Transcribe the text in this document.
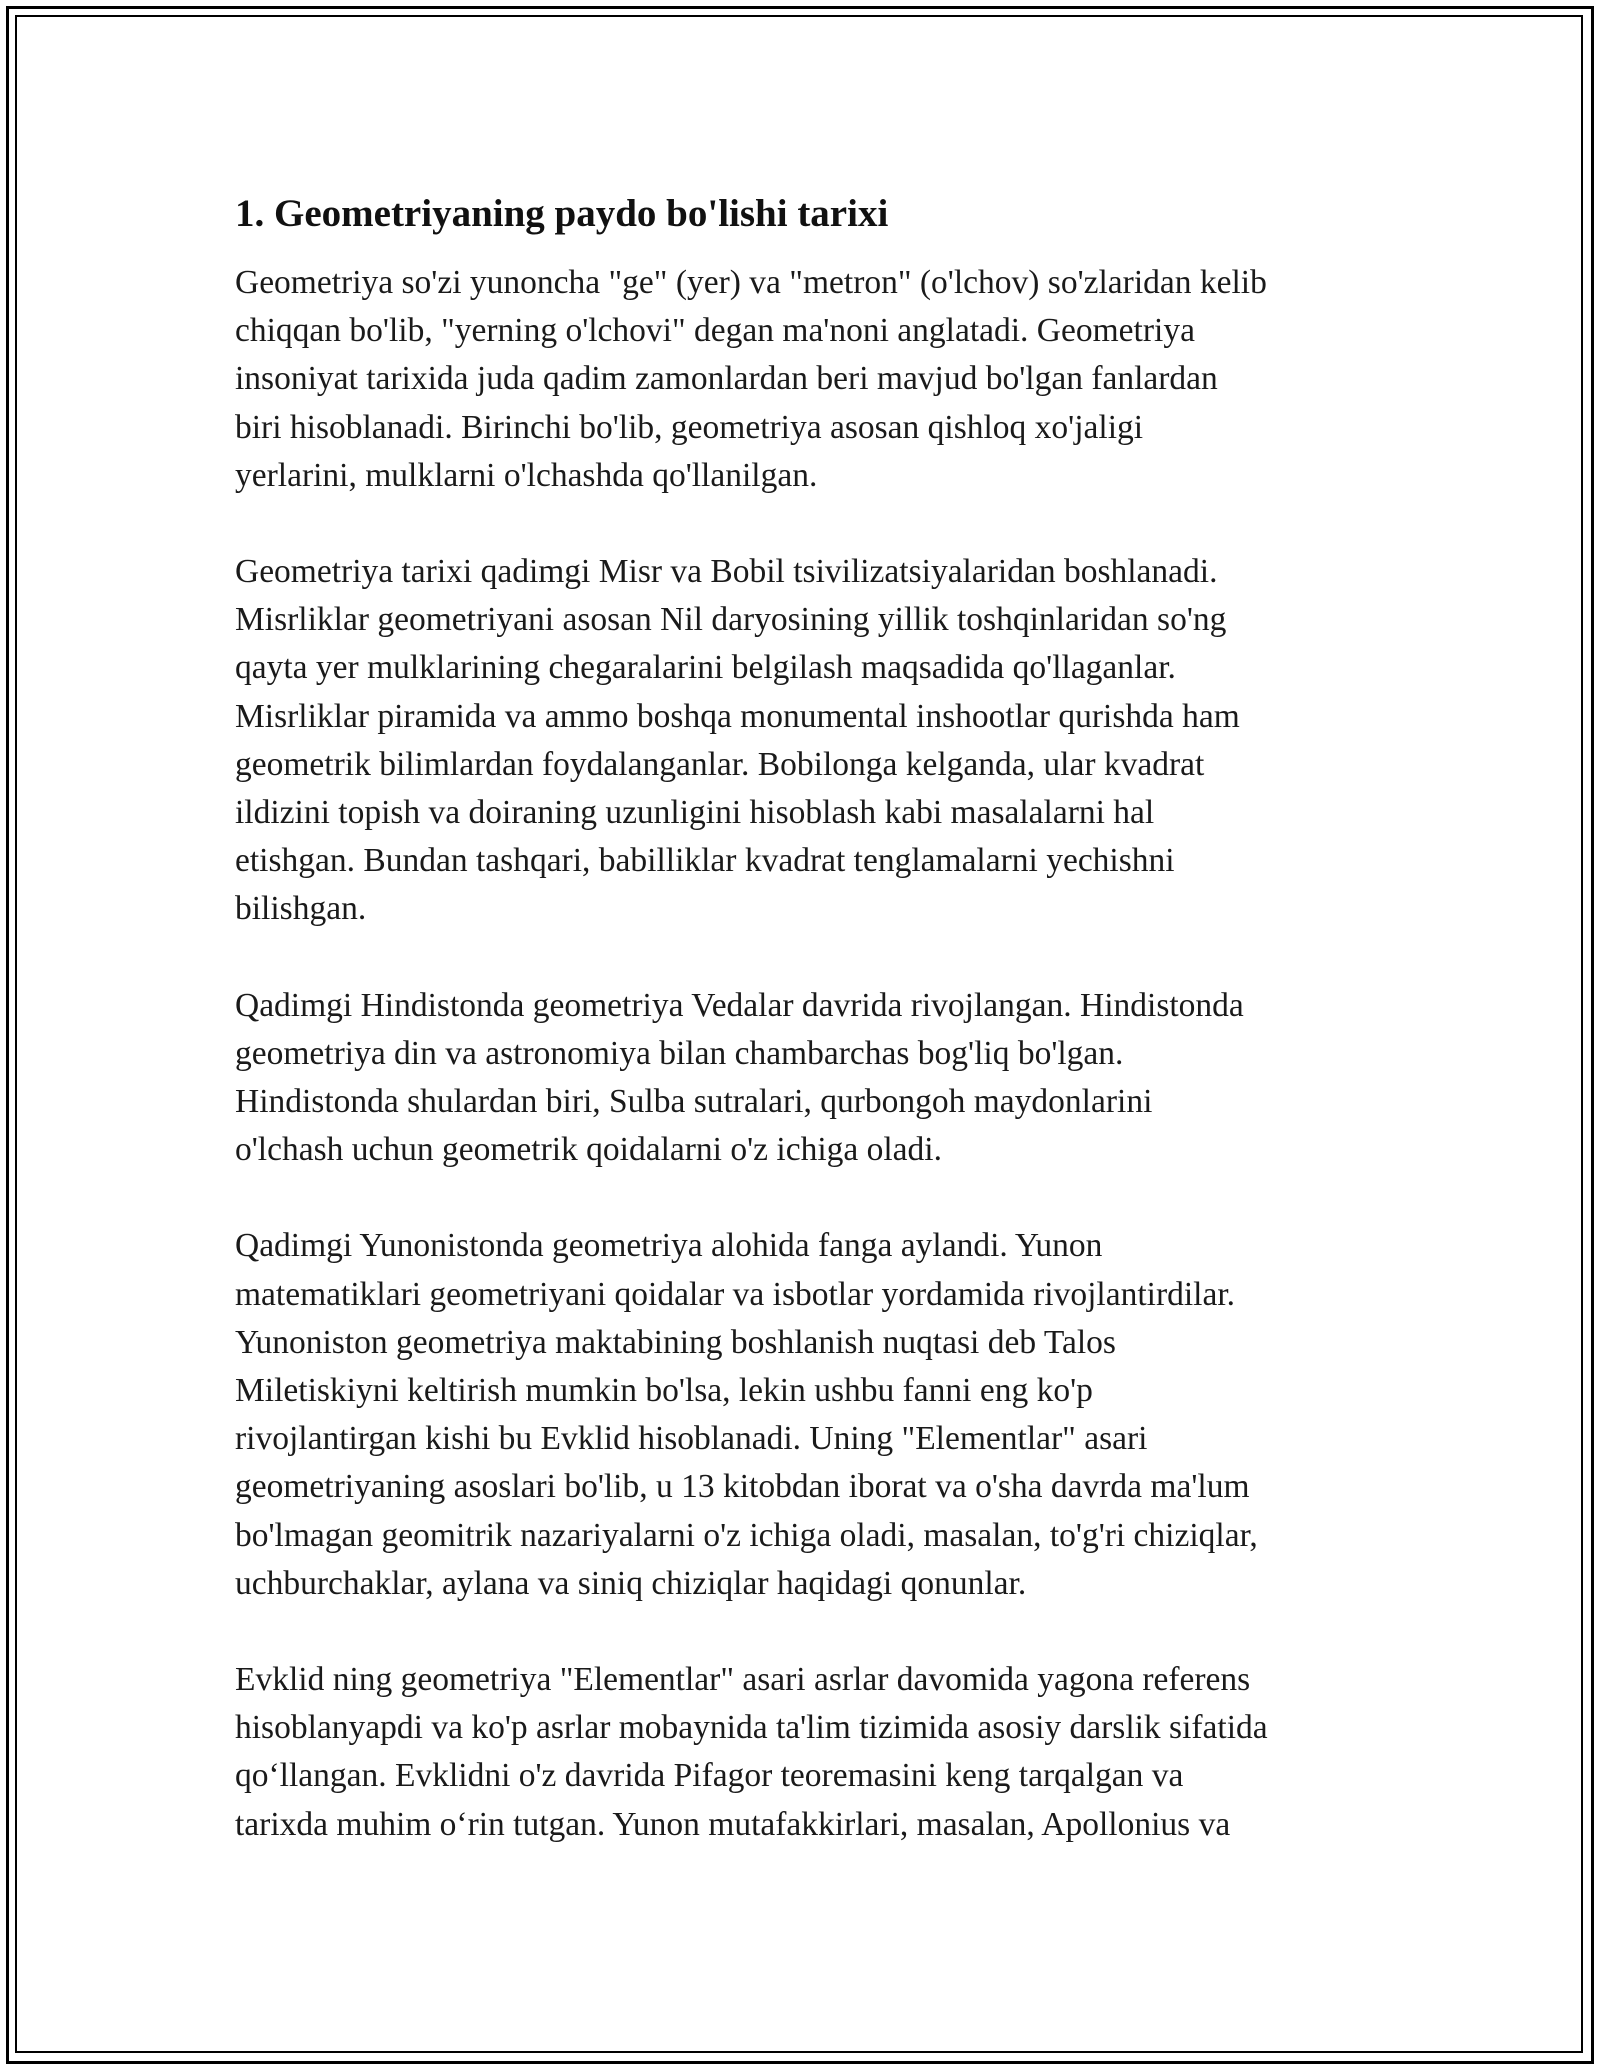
1. Geometriyaning paydo bo'lishi tarixi

Geometriya so'zi yunoncha "ge" (yer) va "metron" (o'lchov) so'zlaridan kelib
chiqqan bo'lib, "yerning o'lchovi" degan ma'noni anglatadi. Geometriya
insoniyat tarixida juda qadim zamonlardan beri mavjud bo'lgan fanlardan
biri hisoblanadi. Birinchi bo'lib, geometriya asosan qishloq xo'jaligi
yerlarini, mulklarni o'lchashda qo'llanilgan.

Geometriya tarixi qadimgi Misr va Bobil tsivilizatsiyalaridan boshlanadi.
Misrliklar geometriyani asosan Nil daryosining yillik toshqinlaridan so'ng
qayta yer mulklarining chegaralarini belgilash maqsadida qo'llaganlar.
Misrliklar piramida va ammo boshqa monumental inshootlar qurishda ham
geometrik bilimlardan foydalanganlar. Bobilonga kelganda, ular kvadrat
ildizini topish va doiraning uzunligini hisoblash kabi masalalarni hal
etishgan. Bundan tashqari, babilliklar kvadrat tenglamalarni yechishni
bilishgan.

Qadimgi Hindistonda geometriya Vedalar davrida rivojlangan. Hindistonda
geometriya din va astronomiya bilan chambarchas bog'liq bo'lgan.
Hindistonda shulardan biri, Sulba sutralari, qurbongoh maydonlarini
o'lchash uchun geometrik qoidalarni o'z ichiga oladi.

Qadimgi Yunonistonda geometriya alohida fanga aylandi. Yunon
matematiklari geometriyani qoidalar va isbotlar yordamida rivojlantirdilar.
Yunoniston geometriya maktabining boshlanish nuqtasi deb Talos
Miletiskiyni keltirish mumkin bo'lsa, lekin ushbu fanni eng ko'p
rivojlantirgan kishi bu Evklid hisoblanadi. Uning "Elementlar" asari
geometriyaning asoslari bo'lib, u 13 kitobdan iborat va o'sha davrda ma'lum
bo'lmagan geomitrik nazariyalarni o'z ichiga oladi, masalan, to'g'ri chiziqlar,
uchburchaklar, aylana va siniq chiziqlar haqidagi qonunlar.

Evklid ning geometriya "Elementlar" asari asrlar davomida yagona referens
hisoblanyapdi va ko'p asrlar mobaynida ta'lim tizimida asosiy darslik sifatida
qo‘llangan. Evklidni o'z davrida Pifagor teoremasini keng tarqalgan va
tarixda muhim o‘rin tutgan. Yunon mutafakkirlari, masalan, Apollonius va
